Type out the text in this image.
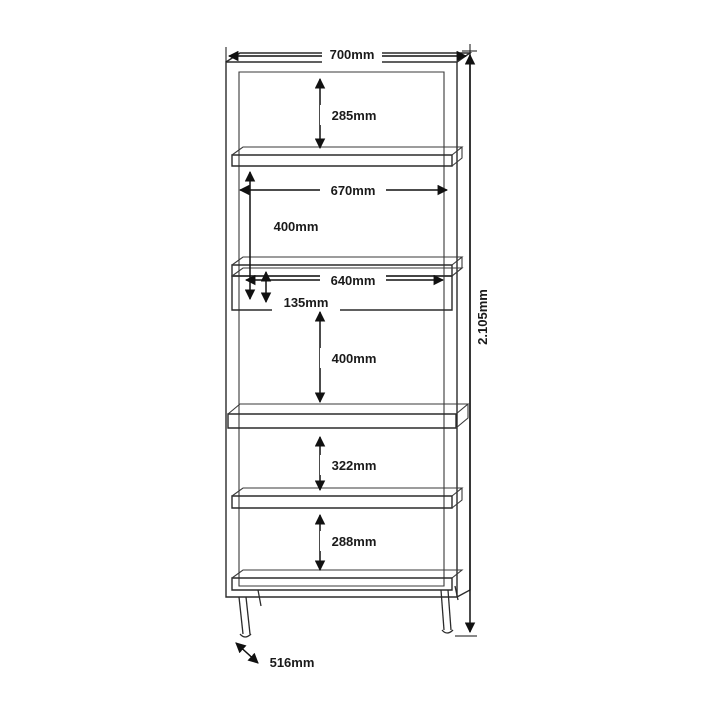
700mm
285mm
670mm
400mm
640mm
135mm
400mm
322mm
288mm
2.105mm
516mm
